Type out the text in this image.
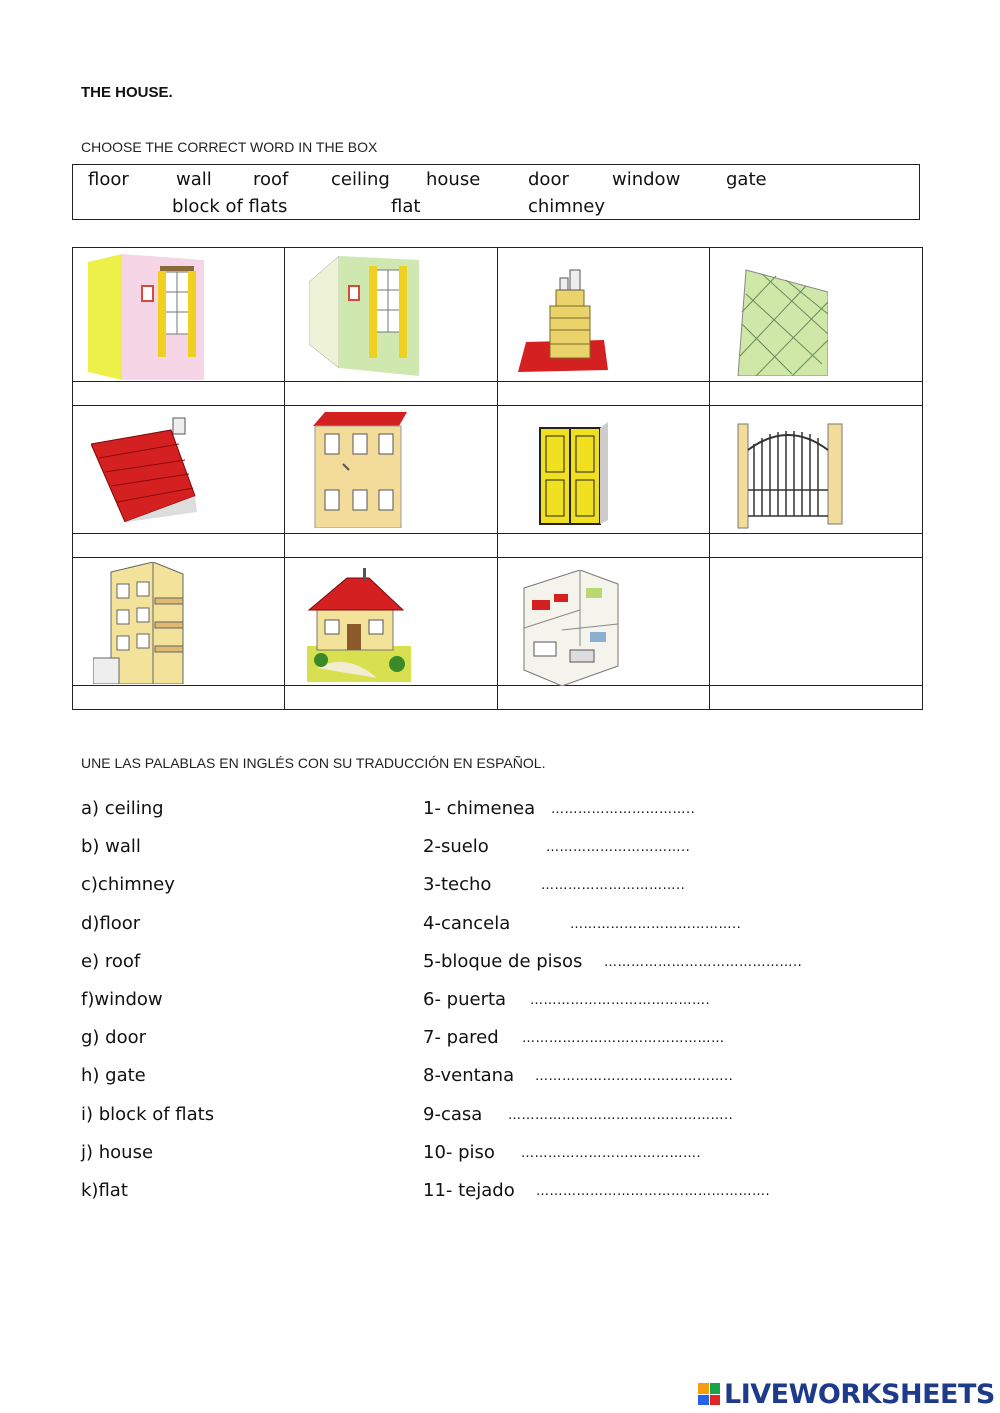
THE HOUSE.
CHOOSE THE CORRECT WORD IN THE BOX
floor	wall roof ceiling house	door window	gate
block of flats	flat	chimney

UNE LAS PALABLAS EN INGLÉS CON SU TRADUCCIÓN EN ESPAÑOL.
a) ceiling	1- chimenea …………………………..
b) wall	2-suelo	…………………………..
c)chimney	3-techo	…………………………..
d)floor	4-cancela	………………………………..
e) roof	5-bloque de pisos ……………………………………..
f)window	6- puerta ………………………………….
g) door	7- pared ………………………………………
h) gate	8-ventana ……………………………………..
i) block of flats	9-casa …………………………………………..
j) house	10- piso ………………………………….
k)flat	11- tejado …………………………………………….
LIVEWORKSHEETS
